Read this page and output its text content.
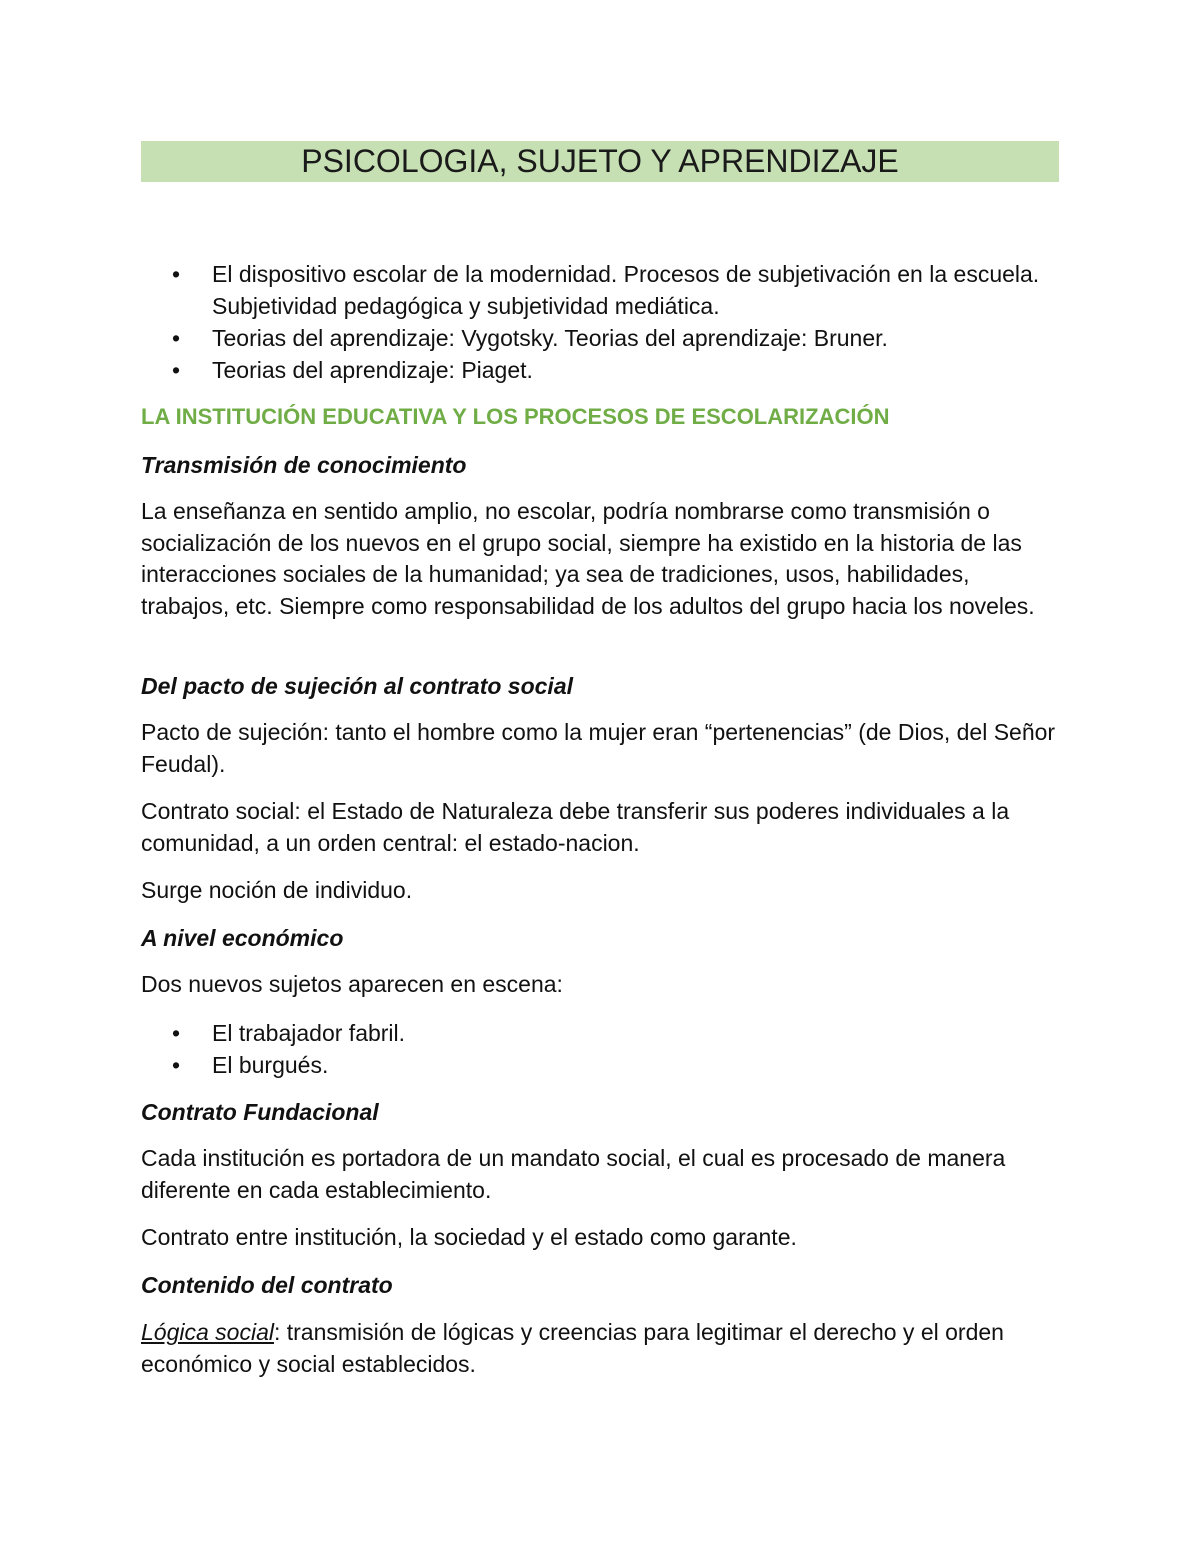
PSICOLOGIA, SUJETO Y APRENDIZAJE
• El dispositivo escolar de la modernidad. Procesos de subjetivación en la escuela. Subjetividad pedagógica y subjetividad mediática.
• Teorias del aprendizaje: Vygotsky. Teorias del aprendizaje: Bruner.
• Teorias del aprendizaje: Piaget.
LA INSTITUCIÓN EDUCATIVA Y LOS PROCESOS DE ESCOLARIZACIÓN
Transmisión de conocimiento
La enseñanza en sentido amplio, no escolar, podría nombrarse como transmisión o socialización de los nuevos en el grupo social, siempre ha existido en la historia de las interacciones sociales de la humanidad; ya sea de tradiciones, usos, habilidades, trabajos, etc. Siempre como responsabilidad de los adultos del grupo hacia los noveles.
Del pacto de sujeción al contrato social
Pacto de sujeción: tanto el hombre como la mujer eran “pertenencias” (de Dios, del Señor Feudal).
Contrato social: el Estado de Naturaleza debe transferir sus poderes individuales a la comunidad, a un orden central: el estado-nacion.
Surge noción de individuo.
A nivel económico
Dos nuevos sujetos aparecen en escena:
• El trabajador fabril.
• El burgués.
Contrato Fundacional
Cada institución es portadora de un mandato social, el cual es procesado de manera diferente en cada establecimiento.
Contrato entre institución, la sociedad y el estado como garante.
Contenido del contrato
Lógica social: transmisión de lógicas y creencias para legitimar el derecho y el orden económico y social establecidos.
